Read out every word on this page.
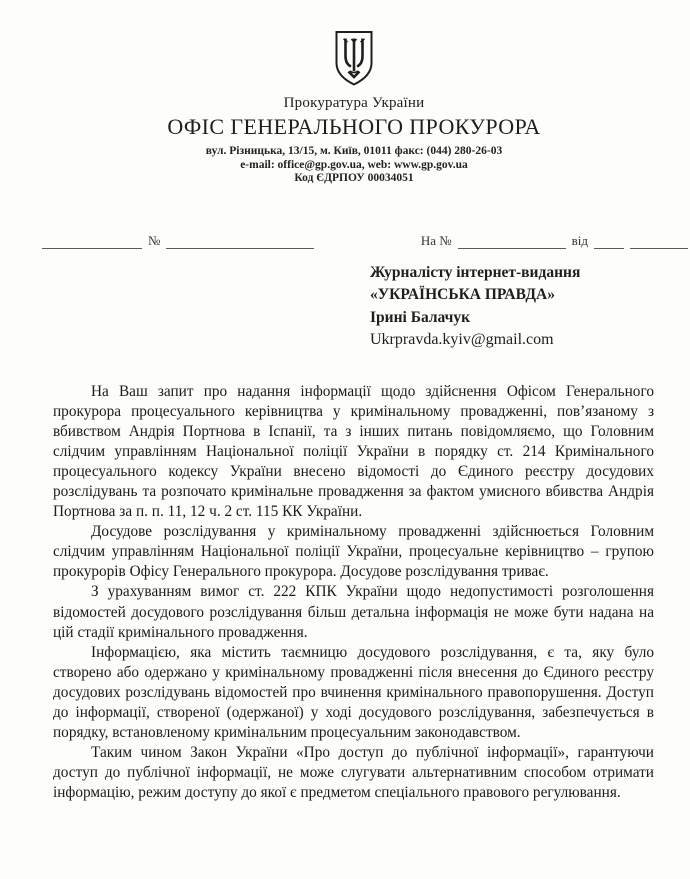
Прокуратура України
ОФІС ГЕНЕРАЛЬНОГО ПРОКУРОРА
вул. Різницька, 13/15, м. Київ, 01011 факс: (044) 280-26-03
e-mail: office@gp.gov.ua, web: www.gp.gov.ua
Код ЄДРПОУ 00034051
№	На №	від
Журналісту інтернет-видання
«УКРАЇНСЬКА ПРАВДА»
Ірині Балачук
Ukrpravda.kyiv@gmail.com

На Ваш запит про надання інформації щодо здійснення Офісом Генерального прокурора процесуального керівництва у кримінальному провадженні, пов’язаному з вбивством Андрія Портнова в Іспанії, та з інших питань повідомляємо, що Головним слідчим управлінням Національної поліції України в порядку ст. 214 Кримінального процесуального кодексу України внесено відомості до Єдиного реєстру досудових розслідувань та розпочато кримінальне провадження за фактом умисного вбивства Андрія Портнова за п. п. 11, 12 ч. 2 ст. 115 КК України.

Досудове розслідування у кримінальному провадженні здійснюється Головним слідчим управлінням Національної поліції України, процесуальне керівництво – групою прокурорів Офісу Генерального прокурора. Досудове розслідування триває.

З урахуванням вимог ст. 222 КПК України щодо недопустимості розголошення відомостей досудового розслідування більш детальна інформація не може бути надана на цій стадії кримінального провадження.

Інформацією, яка містить таємницю досудового розслідування, є та, яку було створено або одержано у кримінальному провадженні після внесення до Єдиного реєстру досудових розслідувань відомостей про вчинення кримінального правопорушення. Доступ до інформації, створеної (одержаної) у ході досудового розслідування, забезпечується в порядку, встановленому кримінальним процесуальним законодавством.

Таким чином Закон України «Про доступ до публічної інформації», гарантуючи доступ до публічної інформації, не може слугувати альтернативним способом отримати інформацію, режим доступу до якої є предметом спеціального правового регулювання.
